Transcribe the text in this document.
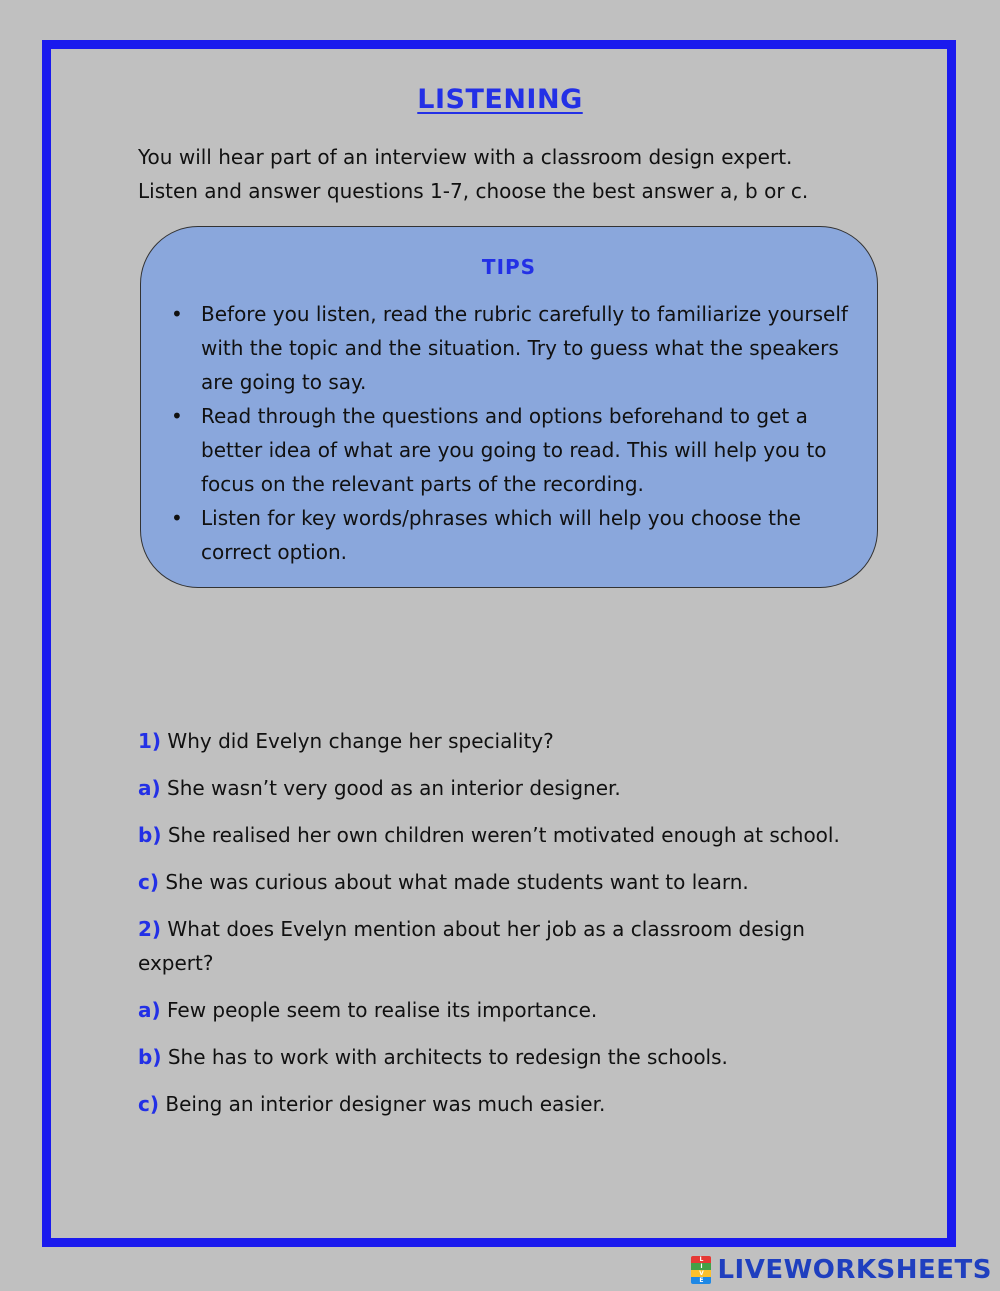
LISTENING

You will hear part of an interview with a classroom design expert.

Listen and answer questions 1-7, choose the best answer a, b or c.

TIPS
• Before you listen, read the rubric carefully to familiarize yourself with the topic and the situation. Try to guess what the speakers are going to say.
• Read through the questions and options beforehand to get a better idea of what are you going to read. This will help you to focus on the relevant parts of the recording.
• Listen for key words/phrases which will help you choose the correct option.

1) Why did Evelyn change her speciality?

a) She wasn’t very good as an interior designer.

b) She realised her own children weren’t motivated enough at school.

c) She was curious about what made students want to learn.

2) What does Evelyn mention about her job as a classroom design expert?

a) Few people seem to realise its importance.

b) She has to work with architects to redesign the schools.

c) Being an interior designer was much easier.

L
I
V
E LIVEWORKSHEETS
